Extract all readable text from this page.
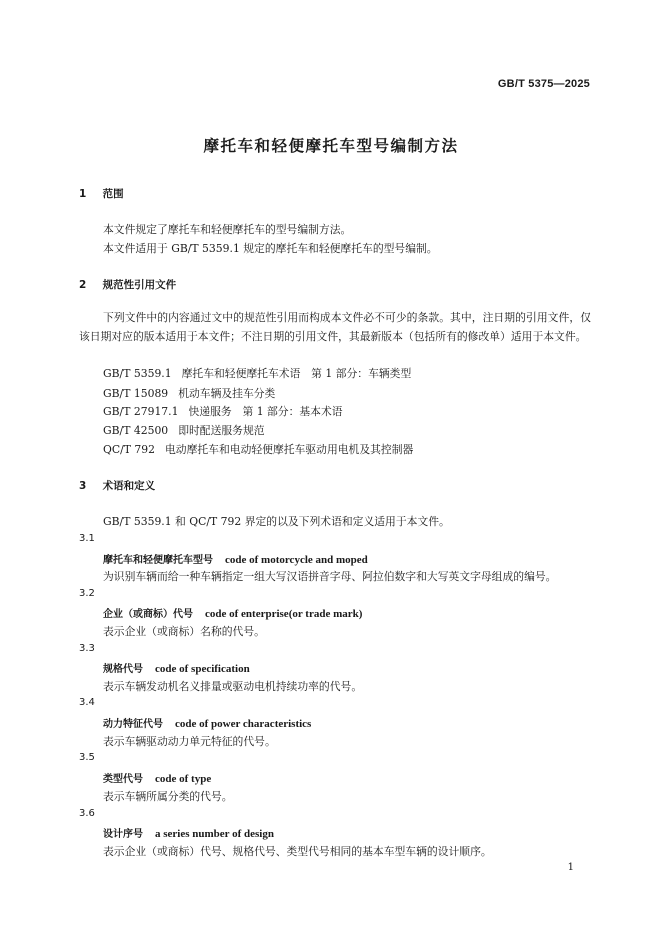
GB/T 5375—2025
摩托车和轻便摩托车型号编制方法
1 范围
本文件规定了摩托车和轻便摩托车的型号编制方法。
本文件适用于 GB/T 5359.1 规定的摩托车和轻便摩托车的型号编制。
2 规范性引用文件
下列文件中的内容通过文中的规范性引用而构成本文件必不可少的条款。其中，注日期的引用文件，仅该日期对应的版本适用于本文件；不注日期的引用文件，其最新版本（包括所有的修改单）适用于本文件。
GB/T 5359.1 摩托车和轻便摩托车术语　第 1 部分：车辆类型
GB/T 15089 机动车辆及挂车分类
GB/T 27917.1 快递服务　第 1 部分：基本术语
GB/T 42500 即时配送服务规范
QC/T 792 电动摩托车和电动轻便摩托车驱动用电机及其控制器
3 术语和定义
GB/T 5359.1 和 QC/T 792 界定的以及下列术语和定义适用于本文件。
3.1
摩托车和轻便摩托车型号 code of motorcycle and moped
为识别车辆而给一种车辆指定一组大写汉语拼音字母、阿拉伯数字和大写英文字母组成的编号。
3.2
企业（或商标）代号 code of enterprise(or trade mark)
表示企业（或商标）名称的代号。
3.3
规格代号 code of specification
表示车辆发动机名义排量或驱动电机持续功率的代号。
3.4
动力特征代号 code of power characteristics
表示车辆驱动动力单元特征的代号。
3.5
类型代号 code of type
表示车辆所属分类的代号。
3.6
设计序号 a series number of design
表示企业（或商标）代号、规格代号、类型代号相同的基本车型车辆的设计顺序。
1
